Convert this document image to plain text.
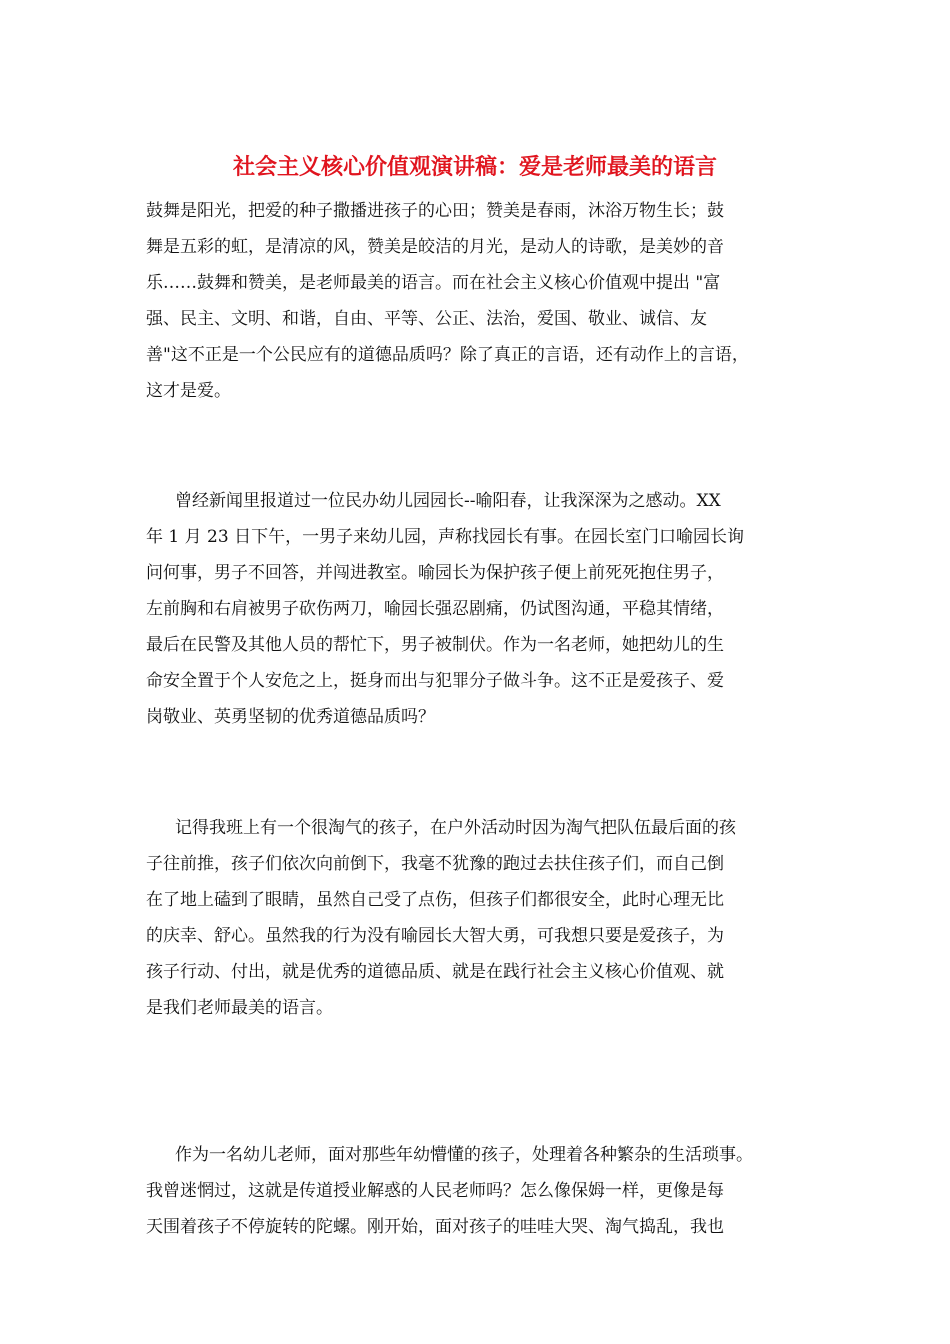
社会主义核心价值观演讲稿：爱是老师最美的语言
鼓舞是阳光，把爱的种子撒播进孩子的心田；赞美是春雨，沐浴万物生长；鼓
舞是五彩的虹，是清凉的风，赞美是皎洁的月光，是动人的诗歌，是美妙的音
乐……鼓舞和赞美，是老师最美的语言。而在社会主义核心价值观中提出 "富
强、民主、文明、和谐，自由、平等、公正、法治，爱国、敬业、诚信、友
善"这不正是一个公民应有的道德品质吗？除了真正的言语，还有动作上的言语，
这才是爱。
曾经新闻里报道过一位民办幼儿园园长--喻阳春，让我深深为之感动。XX
年 1 月 23 日下午，一男子来幼儿园，声称找园长有事。在园长室门口喻园长询
问何事，男子不回答，并闯进教室。喻园长为保护孩子便上前死死抱住男子，
左前胸和右肩被男子砍伤两刀，喻园长强忍剧痛，仍试图沟通，平稳其情绪，
最后在民警及其他人员的帮忙下，男子被制伏。作为一名老师，她把幼儿的生
命安全置于个人安危之上，挺身而出与犯罪分子做斗争。这不正是爱孩子、爱
岗敬业、英勇坚韧的优秀道德品质吗？
记得我班上有一个很淘气的孩子，在户外活动时因为淘气把队伍最后面的孩
子往前推，孩子们依次向前倒下，我毫不犹豫的跑过去扶住孩子们，而自己倒
在了地上磕到了眼睛，虽然自己受了点伤，但孩子们都很安全，此时心理无比
的庆幸、舒心。虽然我的行为没有喻园长大智大勇，可我想只要是爱孩子，为
孩子行动、付出，就是优秀的道德品质、就是在践行社会主义核心价值观、就
是我们老师最美的语言。
作为一名幼儿老师，面对那些年幼懵懂的孩子，处理着各种繁杂的生活琐事。
我曾迷惘过，这就是传道授业解惑的人民老师吗？怎么像保姆一样，更像是每
天围着孩子不停旋转的陀螺。刚开始，面对孩子的哇哇大哭、淘气捣乱，我也
